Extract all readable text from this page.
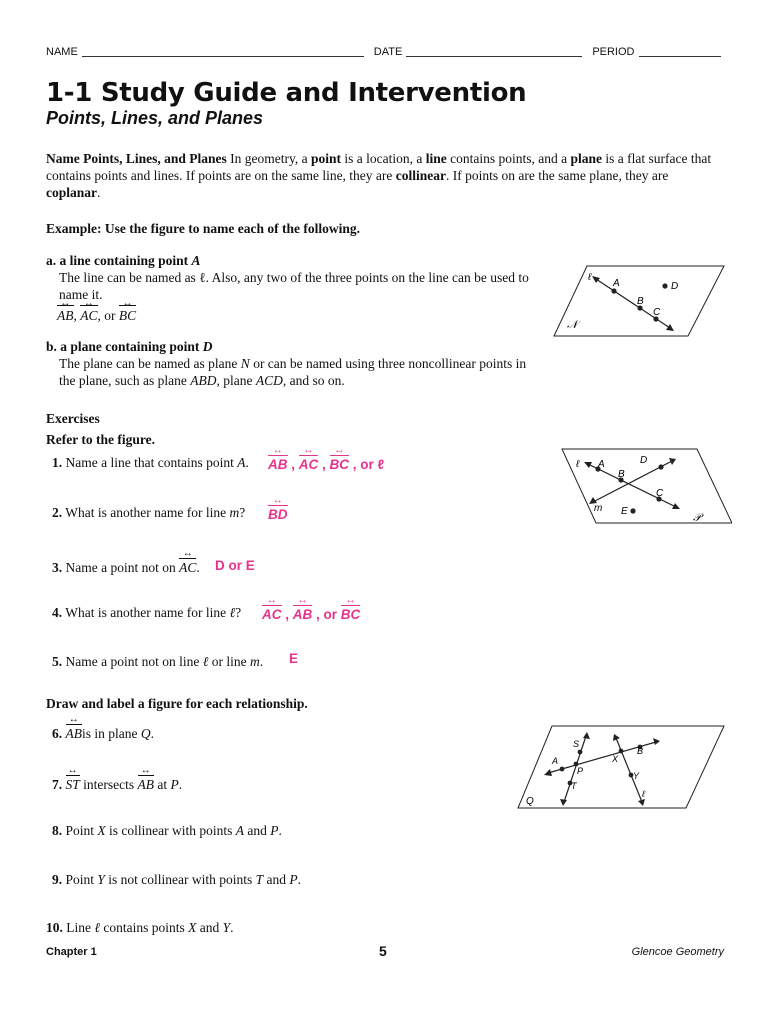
NAME	DATE	PERIOD
1-1 Study Guide and Intervention
Points, Lines, and Planes
Name Points, Lines, and Planes In geometry, a point is a location, a line contains points, and a plane is a flat surface that contains points and lines. If points are on the same line, they are collinear. If points on are the same plane, they are coplanar.
Example: Use the figure to name each of the following.
a. a line containing point A
The line can be named as ℓ. Also, any two of the three points on the line can be used to name it.
AB ↔, AC ↔, or BC ↔
b. a plane containing point D
The plane can be named as plane N or can be named using three noncollinear points in the plane, such as plane ABD, plane ACD, and so on.
ℓ
A
B
C
D
𝒩
Exercises
Refer to the figure.
ℓ A
B
C
D
E
m
𝒫
1. Name a line that contains point A. AB ↔ , AC ↔ , BC ↔ , or ℓ
2. What is another name for line m? BD ↔
3. Name a point not on AC ↔. D or E
4. What is another name for line ℓ? AC ↔ , AB ↔ , or BC ↔
5. Name a point not on line ℓ or line m. E
Draw and label a figure for each relationship.
S
A
P
T
X
B
Y
ℓ
Q
6. AB ↔is in plane Q.
7. ST ↔ intersects AB ↔ at P.
8. Point X is collinear with points A and P.
9. Point Y is not collinear with points T and P.
10. Line ℓ contains points X and Y.
Chapter 1	5	Glencoe Geometry
